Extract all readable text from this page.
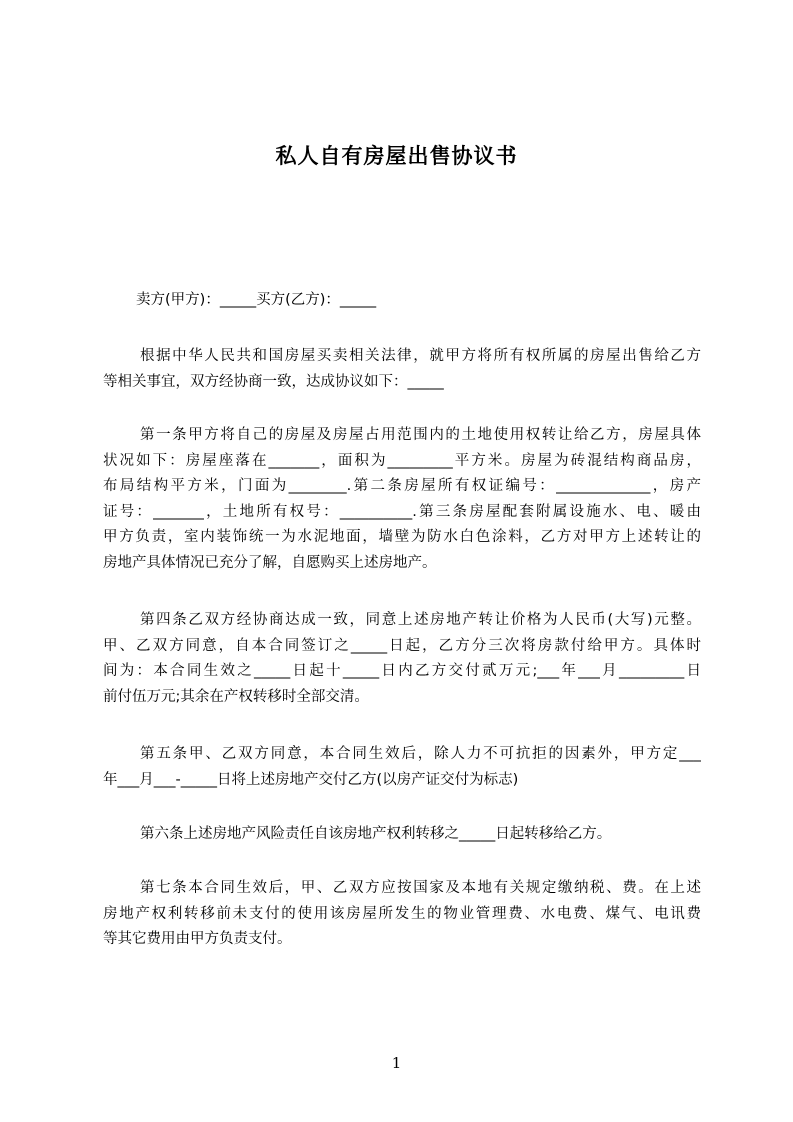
私人自有房屋出售协议书
卖方(甲方)：_____买方(乙方)：_____
根据中华人民共和国房屋买卖相关法律，就甲方将所有权所属的房屋出售给乙方
等相关事宜，双方经协商一致，达成协议如下：_____
第一条甲方将自己的房屋及房屋占用范围内的土地使用权转让给乙方，房屋具体
状况如下：房屋座落在_______，面积为_________平方米。房屋为砖混结构商品房，
布局结构平方米，门面为________.第二条房屋所有权证编号：_____________，房产
证号：_______，土地所有权号：__________.第三条房屋配套附属设施水、电、暖由
甲方负责，室内装饰统一为水泥地面，墙壁为防水白色涂料，乙方对甲方上述转让的
房地产具体情况已充分了解，自愿购买上述房地产。
第四条乙双方经协商达成一致，同意上述房地产转让价格为人民币(大写)元整。
甲、乙双方同意，自本合同签订之_____日起，乙方分三次将房款付给甲方。具体时
间为：本合同生效之_____日起十_____日内乙方交付贰万元;___年___月_________日
前付伍万元;其余在产权转移时全部交清。
第五条甲、乙双方同意，本合同生效后，除人力不可抗拒的因素外，甲方定___
年___月___-_____日将上述房地产交付乙方(以房产证交付为标志)
第六条上述房地产风险责任自该房地产权利转移之_____日起转移给乙方。
第七条本合同生效后，甲、乙双方应按国家及本地有关规定缴纳税、费。在上述
房地产权利转移前未支付的使用该房屋所发生的物业管理费、水电费、煤气、电讯费
等其它费用由甲方负责支付。
1
